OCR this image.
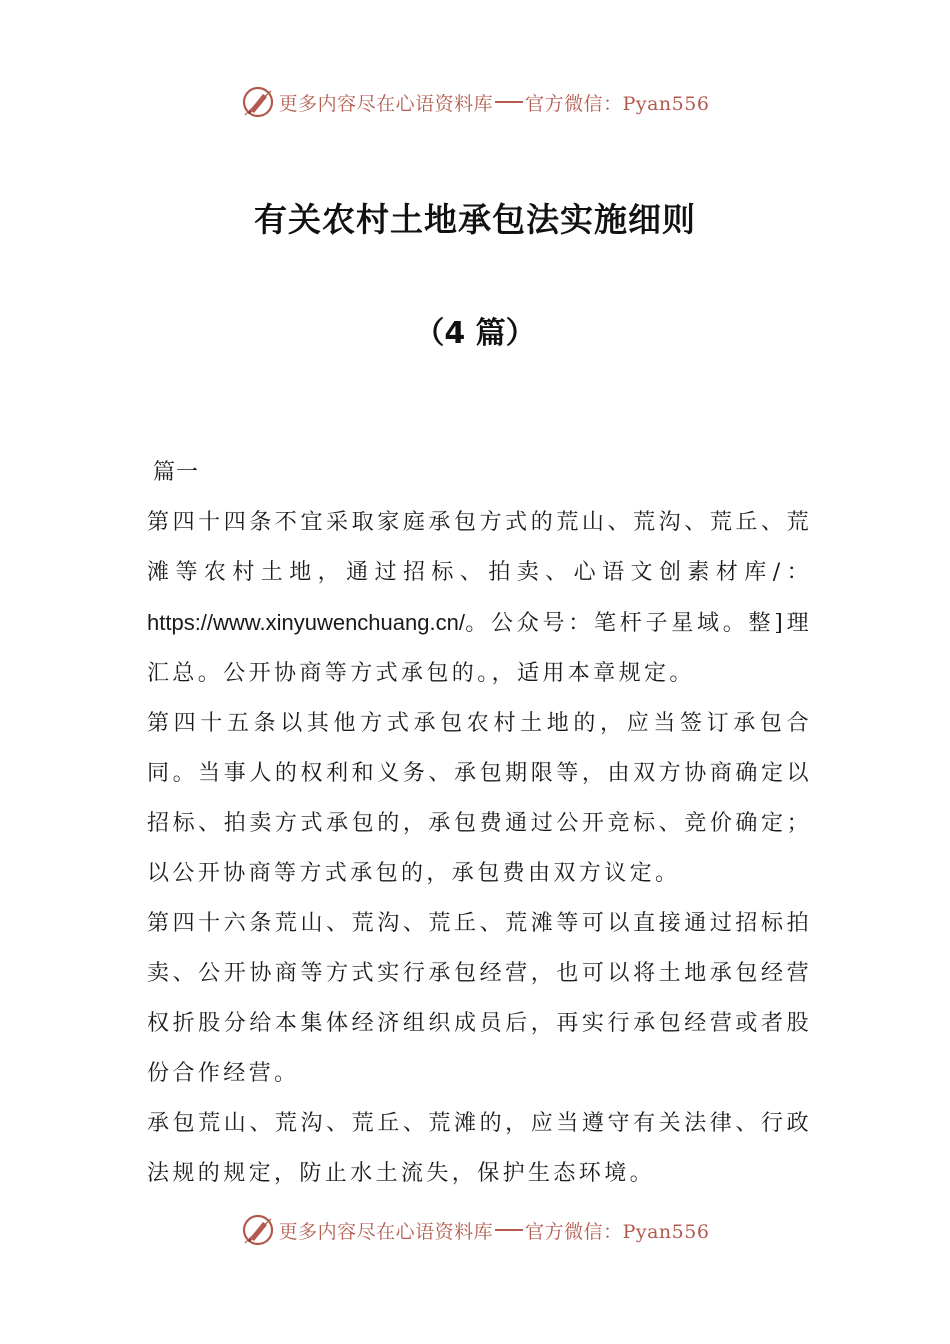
更多内容尽在心语资料库 官方微信：Pyan556
有关农村土地承包法实施细则
（4 篇）

篇一

第四十四条不宜采取家庭承包方式的荒山、荒沟、荒丘、荒滩等农村土地，通过招标、拍卖、心语文创素材库/：https://www.xinyuwenchuang.cn/。公众号：笔杆子星域。整]理汇总。公开协商等方式承包的。，适用本章规定。

第四十五条以其他方式承包农村土地的，应当签订承包合同。当事人的权利和义务、承包期限等，由双方协商确定以招标、拍卖方式承包的，承包费通过公开竞标、竞价确定；以公开协商等方式承包的，承包费由双方议定。

第四十六条荒山、荒沟、荒丘、荒滩等可以直接通过招标拍卖、公开协商等方式实行承包经营，也可以将土地承包经营权折股分给本集体经济组织成员后，再实行承包经营或者股份合作经营。

承包荒山、荒沟、荒丘、荒滩的，应当遵守有关法律、行政法规的规定，防止水土流失，保护生态环境。

更多内容尽在心语资料库 官方微信：Pyan556
